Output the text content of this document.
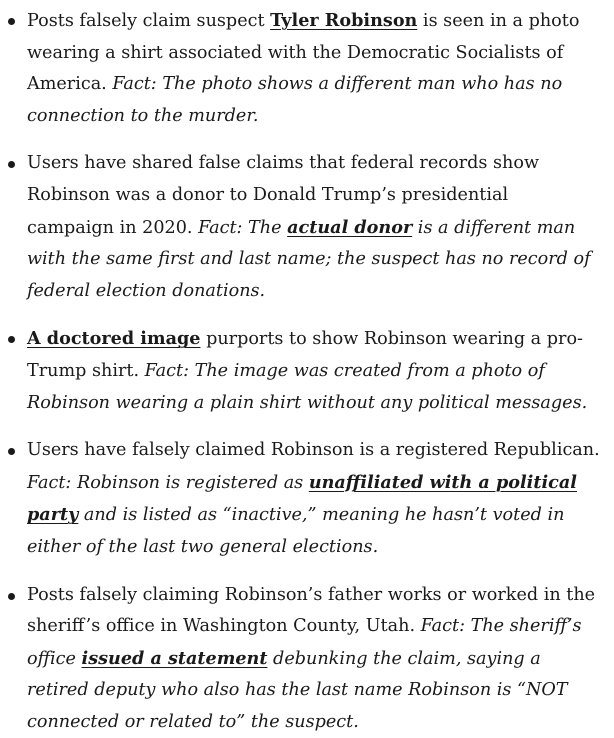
Posts falsely claim suspect Tyler Robinson is seen in a photo wearing a shirt associated with the Democratic Socialists of America. Fact: The photo shows a different man who has no connection to the murder.
Users have shared false claims that federal records show Robinson was a donor to Donald Trump’s presidential campaign in 2020. Fact: The actual donor is a different man with the same first and last name; the suspect has no record of federal election donations.
A doctored image purports to show Robinson wearing a pro-Trump shirt. Fact: The image was created from a photo of Robinson wearing a plain shirt without any political messages.
Users have falsely claimed Robinson is a registered Republican. Fact: Robinson is registered as unaffiliated with a political party and is listed as “inactive,” meaning he hasn’t voted in either of the last two general elections.
Posts falsely claiming Robinson’s father works or worked in the sheriff’s office in Washington County, Utah. Fact: The sheriff’s office issued a statement debunking the claim, saying a retired deputy who also has the last name Robinson is “NOT connected or related to” the suspect.
